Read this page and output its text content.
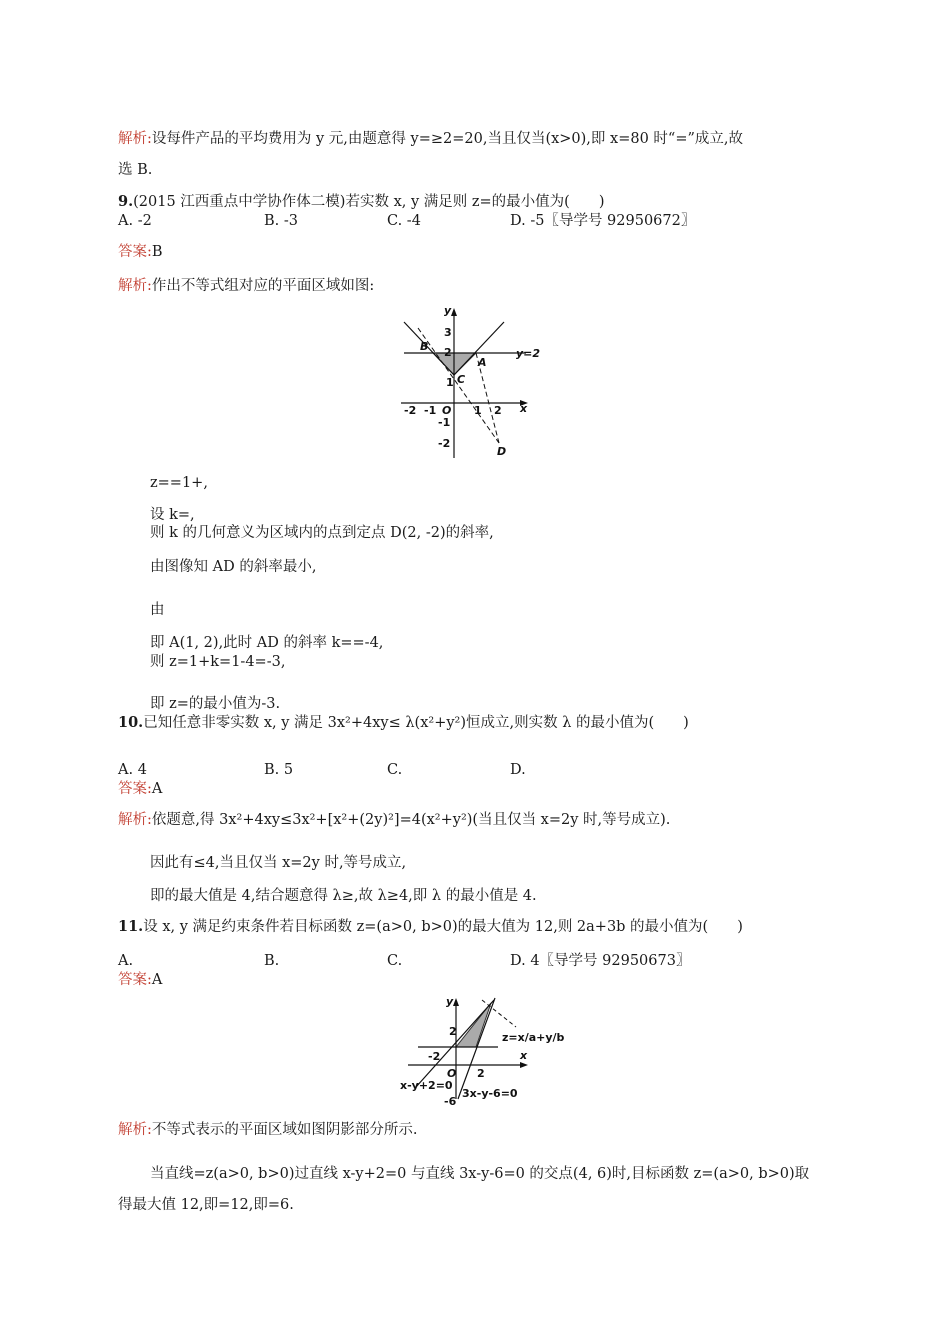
解析:设每件产品的平均费用为 y 元,由题意得 y=≥2=20,当且仅当(x>0),即 x=80 时“=”成立,故
选 B.
9.(2015 江西重点中学协作体二模)若实数 x, y 满足则 z=的最小值为(　　)
A. -2	B. -3	C. -4	D. -5〖导学号 92950672〗
答案:B
解析:作出不等式组对应的平面区域如图:
y
x
O
y=2
A
B
C
D
-2 -1	1 2
3
2
1
-1
-2
z==1+,
设 k=,
则 k 的几何意义为区域内的点到定点 D(2, -2)的斜率,
由图像知 AD 的斜率最小,
由
即 A(1, 2),此时 AD 的斜率 k==-4,
则 z=1+k=1-4=-3,
即 z=的最小值为-3.
10.已知任意非零实数 x, y 满足 3x²+4xy≤ λ(x²+y²)恒成立,则实数 λ 的最小值为(　　)
A. 4	B. 5	C.	D.
答案:A
解析:依题意,得 3x²+4xy≤3x²+[x²+(2y)²]=4(x²+y²)(当且仅当 x=2y 时,等号成立).
因此有≤4,当且仅当 x=2y 时,等号成立,
即的最大值是 4,结合题意得 λ≥,故 λ≥4,即 λ 的最小值是 4.
11.设 x, y 满足约束条件若目标函数 z=(a>0, b>0)的最大值为 12,则 2a+3b 的最小值为(　　)
A.	B.	C.	D. 4〖导学号 92950673〗
答案:A
y
x
O
2
-2
2
-6
x-y+2=0
3x-y-6=0
z=x/a+y/b
解析:不等式表示的平面区域如图阴影部分所示.
当直线=z(a>0, b>0)过直线 x-y+2=0 与直线 3x-y-6=0 的交点(4, 6)时,目标函数 z=(a>0, b>0)取
得最大值 12,即=12,即=6.
